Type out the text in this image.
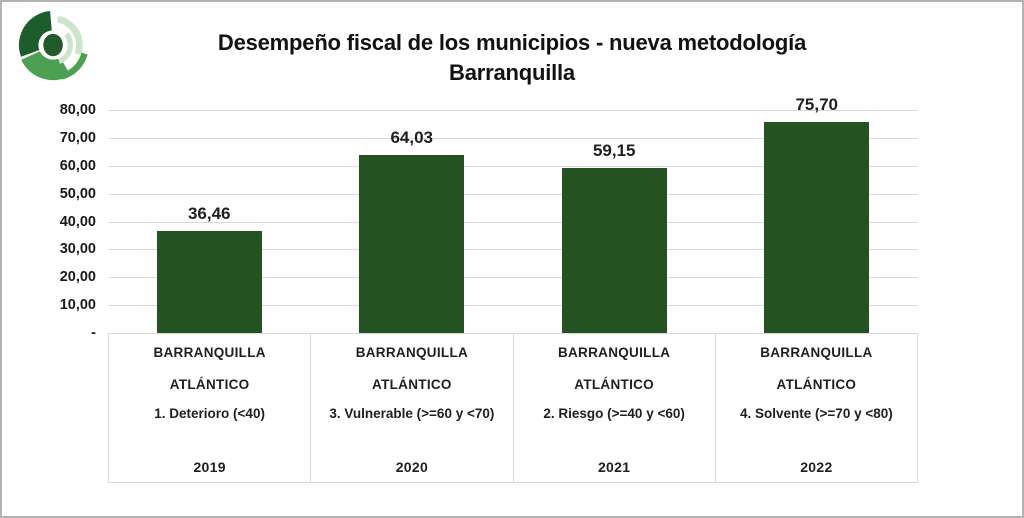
Desempeño fiscal de los municipios - nueva metodología
Barranquilla
80,00
70,00
60,00
50,00
40,00
30,00
20,00
10,00
-
36,46
64,03
59,15
75,70
BARRANQUILLA
ATLÁNTICO
1. Deterioro (<40)
2019
BARRANQUILLA
ATLÁNTICO
3. Vulnerable (>=60 y <70)
2020
BARRANQUILLA
ATLÁNTICO
2. Riesgo (>=40 y <60)
2021
BARRANQUILLA
ATLÁNTICO
4. Solvente (>=70 y <80)
2022
